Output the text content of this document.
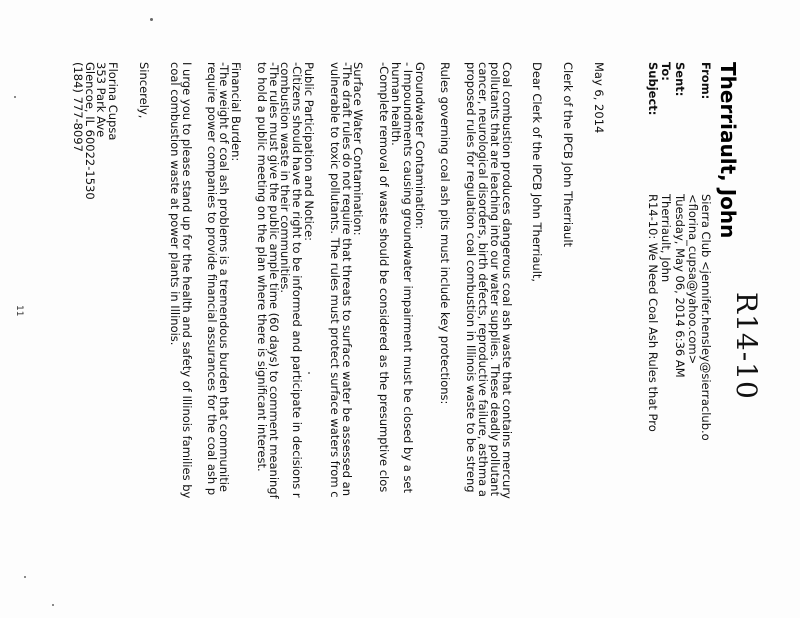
R14-10
Therriault, John
From:
Sierra Club <jennifer.hensley@sierraclub.o
<florina_cupsa@yahoo.com>
Sent:
Tuesday, May 06, 2014 6:36 AM
To:
Therriault, John
Subject:
R14-10: We Need Coal Ash Rules that Pro
May 6, 2014
Clerk of the IPCB John Therriault
Dear Clerk of the IPCB John Therriault,
Coal combustion produces dangerous coal ash waste that contains mercury
pollutants that are leaching into our water supplies. These deadly pollutant
cancer, neurological disorders, birth defects, reproductive failure, asthma a
proposed rules for regulation coal combustion in Illinois waste to be streng
Rules governing coal ash pits must include key protections:
Groundwater Contamination:
- Impoundments causing groundwater impairment must be closed by a set
human health.
-Complete removal of waste should be considered as the presumptive clos
Surface Water Contamination:
-The draft rules do not require that threats to surface water be assessed an
vulnerable to toxic pollutants. The rules must protect surface waters from c
Public Participation and Notice:
-Citizens should have the right to be informed and participate in decisions r
combustion waste in their communities.
-The rules must give the public ample time (60 days) to comment meaningf
to hold a public meeting on the plan where there is significant interest.
Financial Burden:
-The weight of coal ash problems is a tremendous burden that communitie
require power companies to provide financial assurances for the coal ash p
I urge you to please stand up for the health and safety of Illinois families by
coal combustion waste at power plants in Illinois.
Sincerely,
Florina Cupsa
353 Park Ave
Glencoe, IL 60022-1530
(184) 777-8097
11
